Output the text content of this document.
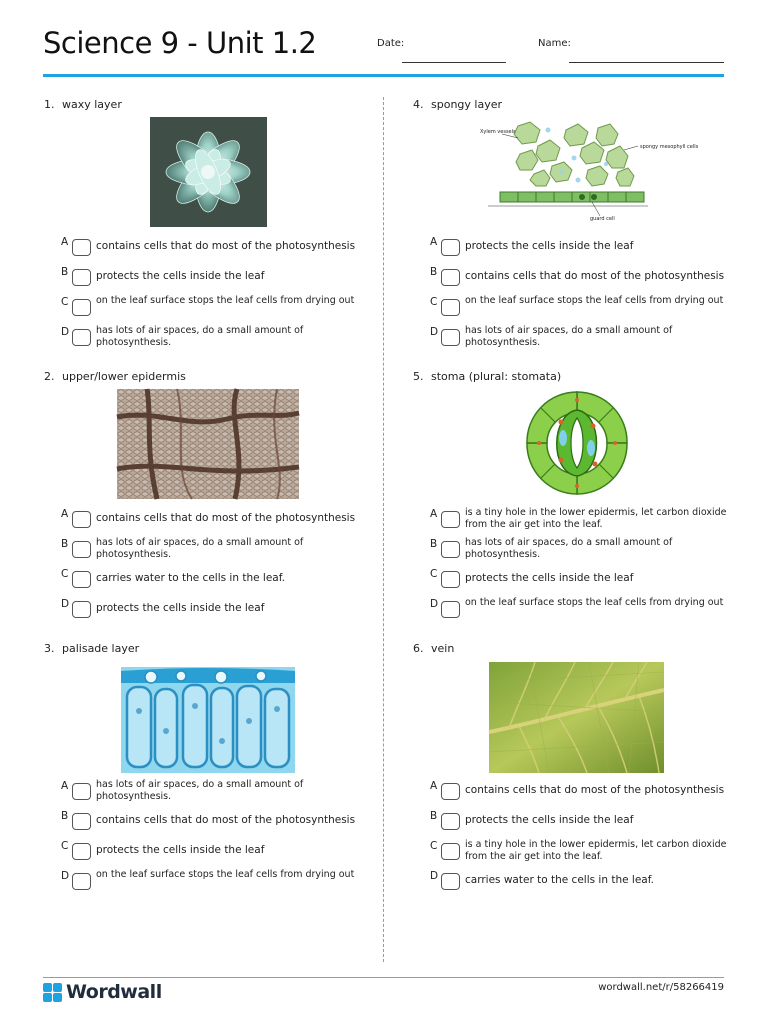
Science 9 - Unit 1.2	Date:	Name:
1. waxy layer
A	contains cells that do most of the photosynthesis
B	protects the cells inside the leaf
C	on the leaf surface stops the leaf cells from drying out
D	has lots of air spaces, do a small amount of photosynthesis.
2. upper/lower epidermis
A	contains cells that do most of the photosynthesis
B	has lots of air spaces, do a small amount of photosynthesis.
C	carries water to the cells in the leaf.
D	protects the cells inside the leaf
3. palisade layer
A	has lots of air spaces, do a small amount of photosynthesis.
B	contains cells that do most of the photosynthesis
C	protects the cells inside the leaf
D	on the leaf surface stops the leaf cells from drying out
4. spongy layer
Xylem vessels
spongy mesophyll cells
guard cell
A	protects the cells inside the leaf
B	contains cells that do most of the photosynthesis
C	on the leaf surface stops the leaf cells from drying out
D	has lots of air spaces, do a small amount of photosynthesis.
5. stoma (plural: stomata)
A	is a tiny hole in the lower epidermis, let carbon dioxide from the air get into the leaf.
B	has lots of air spaces, do a small amount of photosynthesis.
C	protects the cells inside the leaf
D	on the leaf surface stops the leaf cells from drying out
6. vein
A	contains cells that do most of the photosynthesis
B	protects the cells inside the leaf
C	is a tiny hole in the lower epidermis, let carbon dioxide from the air get into the leaf.
D	carries water to the cells in the leaf.
Wordwall	wordwall.net/r/58266419
